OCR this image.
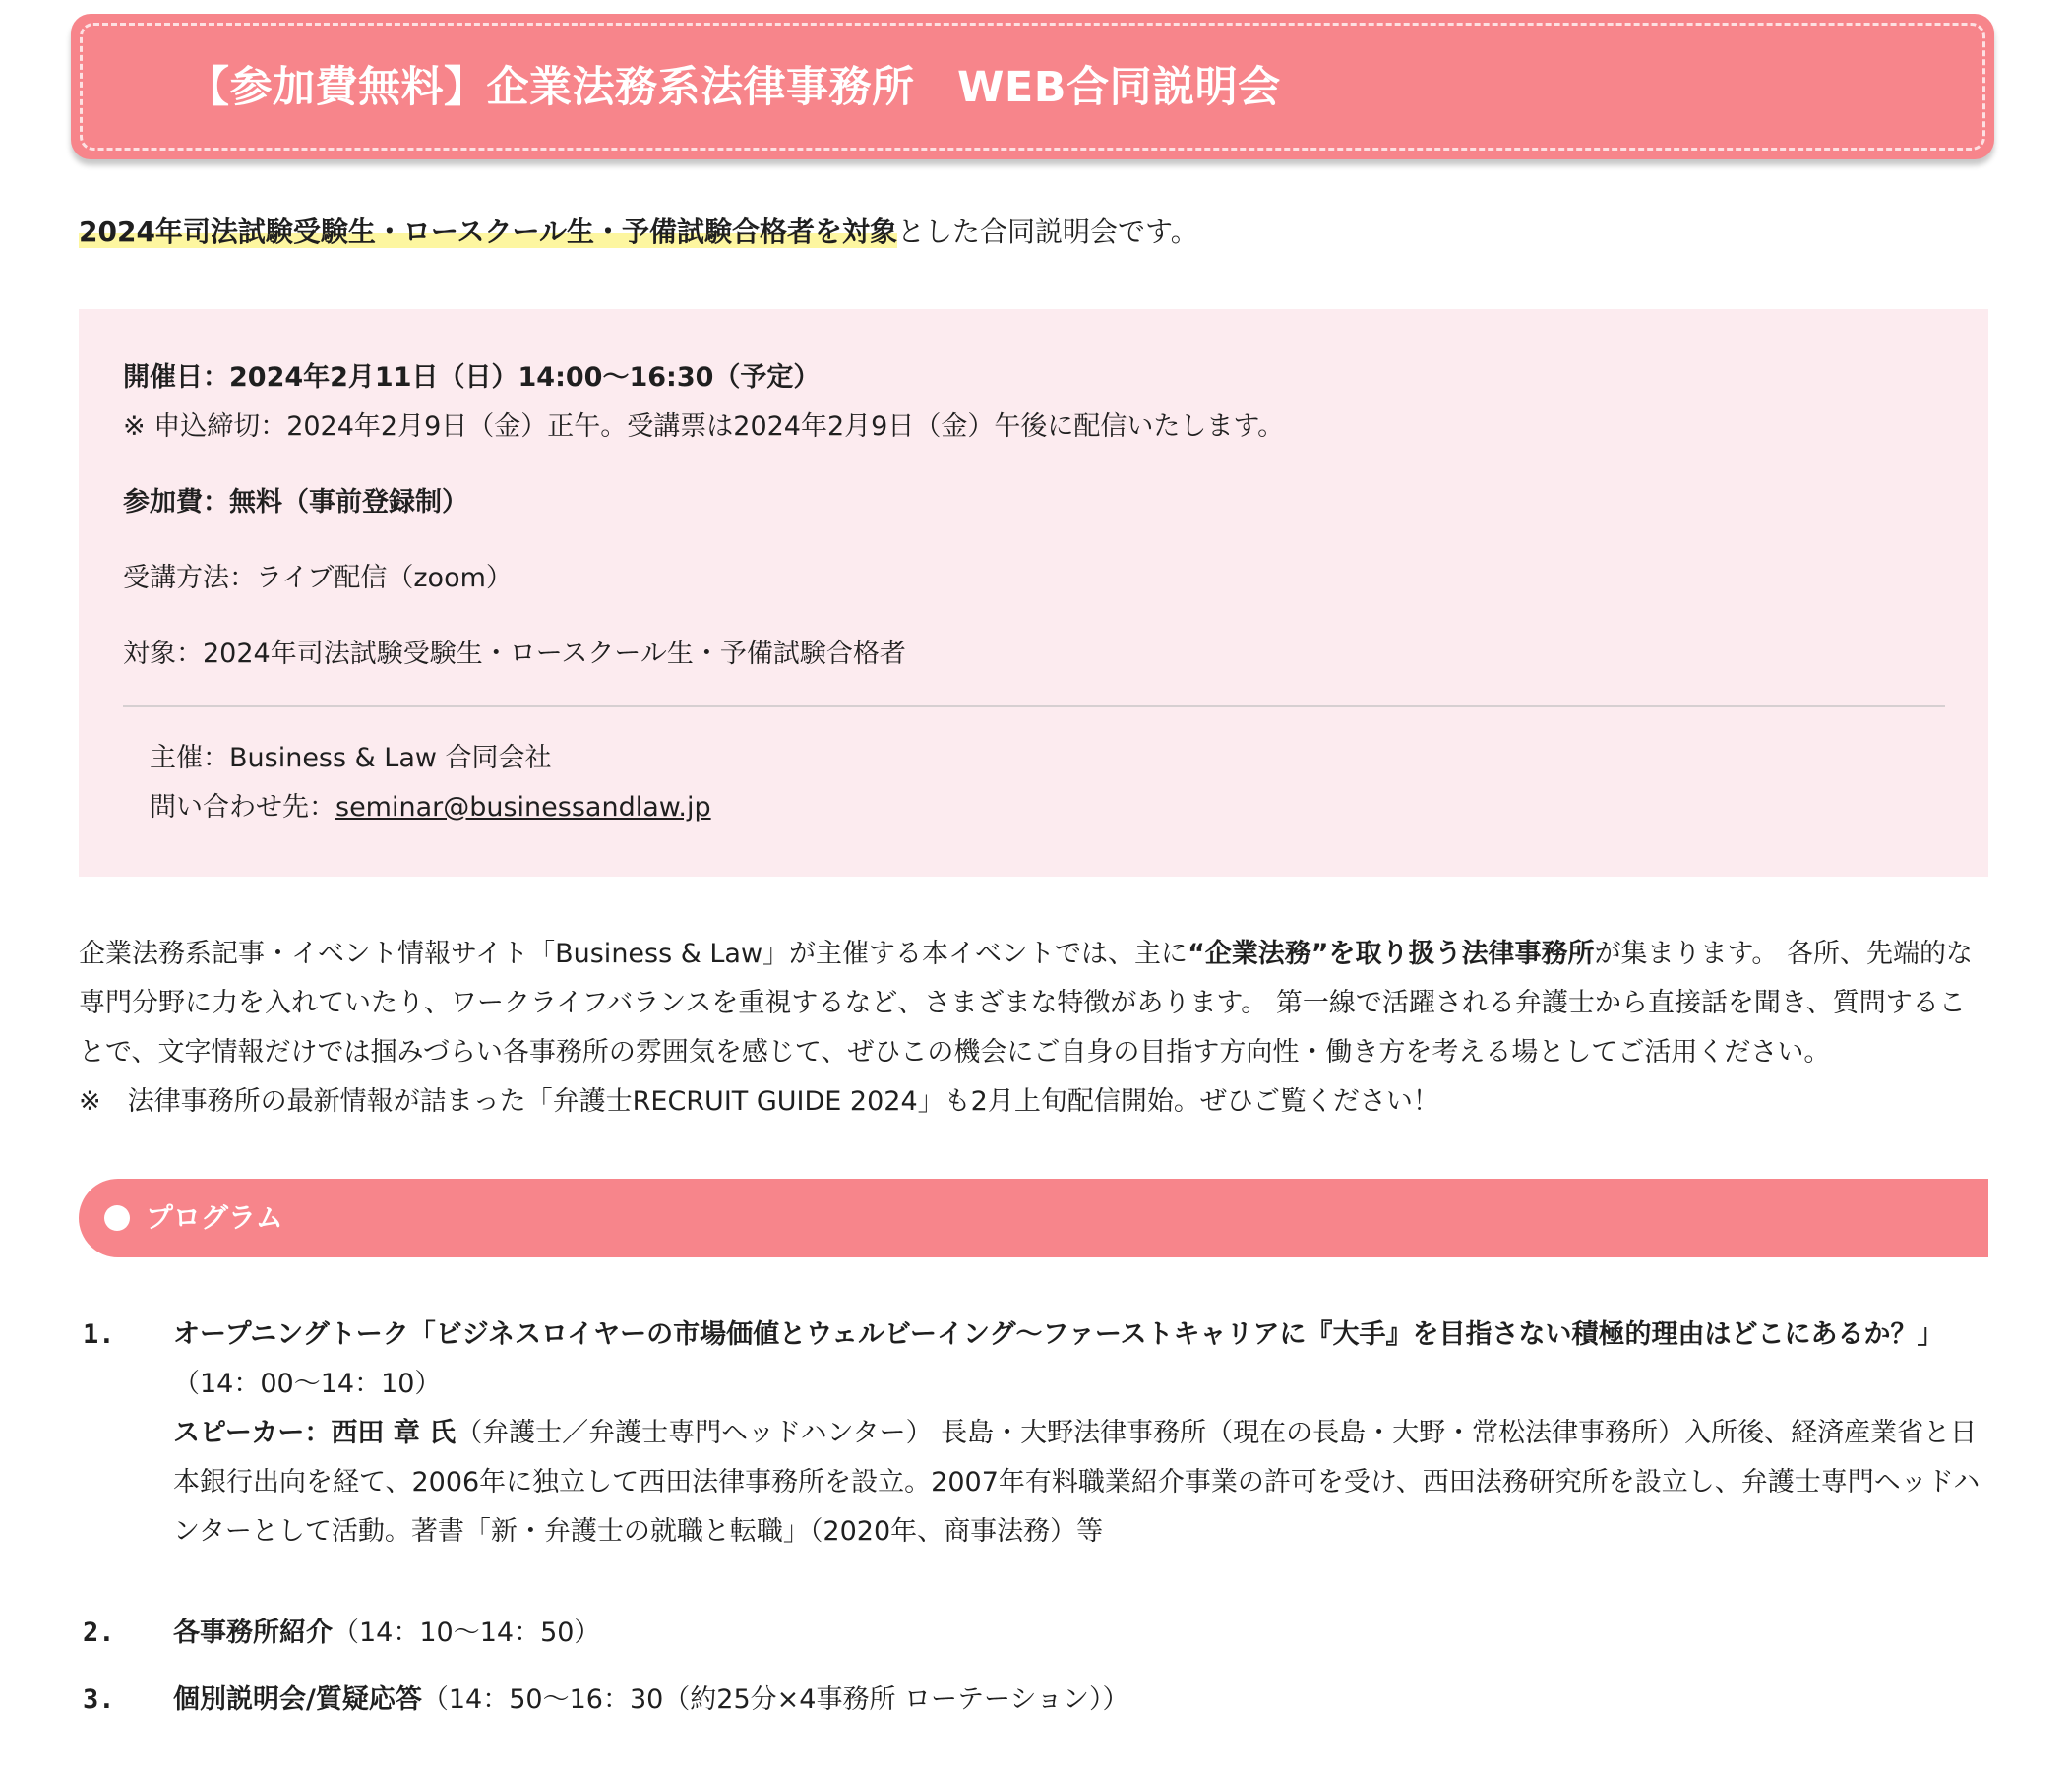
【参加費無料】企業法務系法律事務所　WEB合同説明会
2024年司法試験受験生・ロースクール生・予備試験合格者を対象とした合同説明会です。
開催日：2024年2月11日（日）14:00〜16:30（予定）
※ 申込締切：2024年2月9日（金）正午。受講票は2024年2月9日（金）午後に配信いたします。
参加費：無料（事前登録制）
受講方法：ライブ配信（zoom）
対象：2024年司法試験受験生・ロースクール生・予備試験合格者
主催：Business & Law 合同会社
問い合わせ先：seminar@businessandlaw.jp
企業法務系記事・イベント情報サイト「Business & Law」が主催する本イベントでは、主に“企業法務”を取り扱う法律事務所が集まります。 各所、先端的な
専門分野に力を入れていたり、ワークライフバランスを重視するなど、さまざまな特徴があります。 第一線で活躍される弁護士から直接話を聞き、質問するこ
とで、文字情報だけでは掴みづらい各事務所の雰囲気を感じて、ぜひこの機会にご自身の目指す方向性・働き方を考える場としてご活用ください。
※　法律事務所の最新情報が詰まった「弁護士RECRUIT GUIDE 2024」も2月上旬配信開始。ぜひご覧ください！
プログラム
1. オープニングトーク「ビジネスロイヤーの市場価値とウェルビーイング〜ファーストキャリアに『大手』を目指さない積極的理由はどこにあるか？」
（14：00〜14：10）
スピーカー：西田 章 氏（弁護士／弁護士専門ヘッドハンター） 長島・大野法律事務所（現在の長島・大野・常松法律事務所）入所後、経済産業省と日
本銀行出向を経て、2006年に独立して西田法律事務所を設立。2007年有料職業紹介事業の許可を受け、西田法務研究所を設立し、弁護士専門ヘッドハ
ンターとして活動。著書「新・弁護士の就職と転職」（2020年、商事法務）等
2. 各事務所紹介（14：10〜14：50）
3. 個別説明会/質疑応答（14：50〜16：30（約25分×4事務所 ローテーション））
